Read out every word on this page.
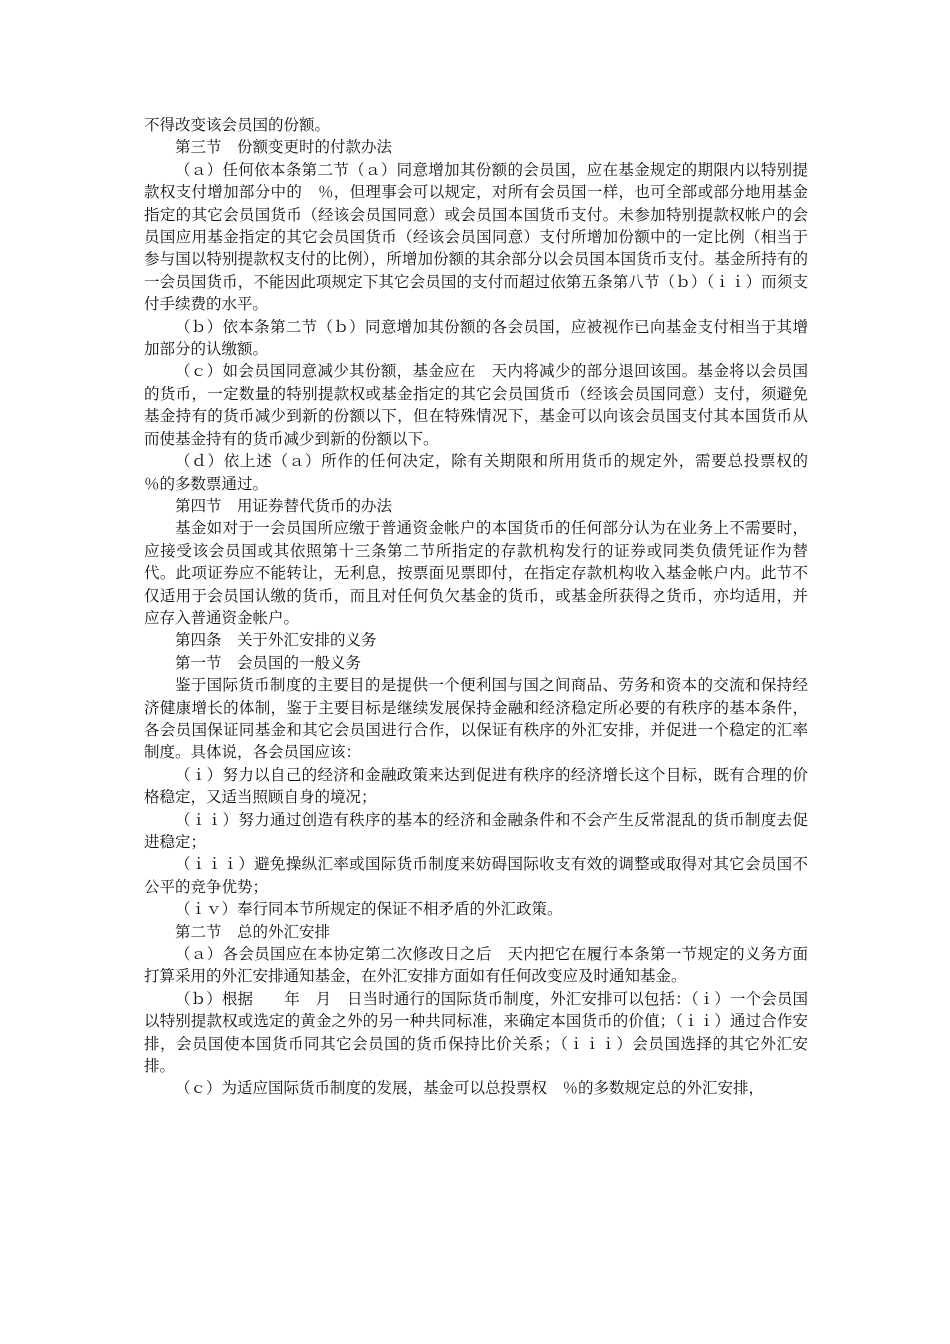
不得改变该会员国的份额。

第三节　份额变更时的付款办法

（ａ）任何依本条第二节（ａ）同意增加其份额的会员国，应在基金规定的期限内以特别提款权支付增加部分中的　％，但理事会可以规定，对所有会员国一样，也可全部或部分地用基金指定的其它会员国货币（经该会员国同意）或会员国本国货币支付。未参加特别提款权帐户的会员国应用基金指定的其它会员国货币（经该会员国同意）支付所增加份额中的一定比例（相当于参与国以特别提款权支付的比例），所增加份额的其余部分以会员国本国货币支付。基金所持有的一会员国货币，不能因此项规定下其它会员国的支付而超过依第五条第八节（ｂ）（ｉｉ）而须支付手续费的水平。

（ｂ）依本条第二节（ｂ）同意增加其份额的各会员国，应被视作已向基金支付相当于其增加部分的认缴额。

（ｃ）如会员国同意减少其份额，基金应在　天内将减少的部分退回该国。基金将以会员国的货币，一定数量的特别提款权或基金指定的其它会员国货币（经该会员国同意）支付，须避免基金持有的货币减少到新的份额以下，但在特殊情况下，基金可以向该会员国支付其本国货币从而使基金持有的货币减少到新的份额以下。

（ｄ）依上述（ａ）所作的任何决定，除有关期限和所用货币的规定外，需要总投票权的　％的多数票通过。

第四节　用证券替代货币的办法

基金如对于一会员国所应缴于普通资金帐户的本国货币的任何部分认为在业务上不需要时，应接受该会员国或其依照第十三条第二节所指定的存款机构发行的证券或同类负债凭证作为替代。此项证券应不能转让，无利息，按票面见票即付，在指定存款机构收入基金帐户内。此节不仅适用于会员国认缴的货币，而且对任何负欠基金的货币，或基金所获得之货币，亦均适用，并应存入普通资金帐户。

第四条　关于外汇安排的义务

第一节　会员国的一般义务

鉴于国际货币制度的主要目的是提供一个便利国与国之间商品、劳务和资本的交流和保持经济健康增长的体制，鉴于主要目标是继续发展保持金融和经济稳定所必要的有秩序的基本条件，各会员国保证同基金和其它会员国进行合作，以保证有秩序的外汇安排，并促进一个稳定的汇率制度。具体说，各会员国应该：

（ｉ）努力以自己的经济和金融政策来达到促进有秩序的经济增长这个目标，既有合理的价格稳定，又适当照顾自身的境况；

（ｉｉ）努力通过创造有秩序的基本的经济和金融条件和不会产生反常混乱的货币制度去促进稳定；

（ｉｉｉ）避免操纵汇率或国际货币制度来妨碍国际收支有效的调整或取得对其它会员国不公平的竞争优势；

（ｉｖ）奉行同本节所规定的保证不相矛盾的外汇政策。

第二节　总的外汇安排

（ａ）各会员国应在本协定第二次修改日之后　天内把它在履行本条第一节规定的义务方面打算采用的外汇安排通知基金，在外汇安排方面如有任何改变应及时通知基金。

（ｂ）根据　　年　月　日当时通行的国际货币制度，外汇安排可以包括：（ｉ）一个会员国以特别提款权或选定的黄金之外的另一种共同标准，来确定本国货币的价值；（ｉｉ）通过合作安排，会员国使本国货币同其它会员国的货币保持比价关系；（ｉｉｉ）会员国选择的其它外汇安排。

（ｃ）为适应国际货币制度的发展，基金可以总投票权　％的多数规定总的外汇安排，
